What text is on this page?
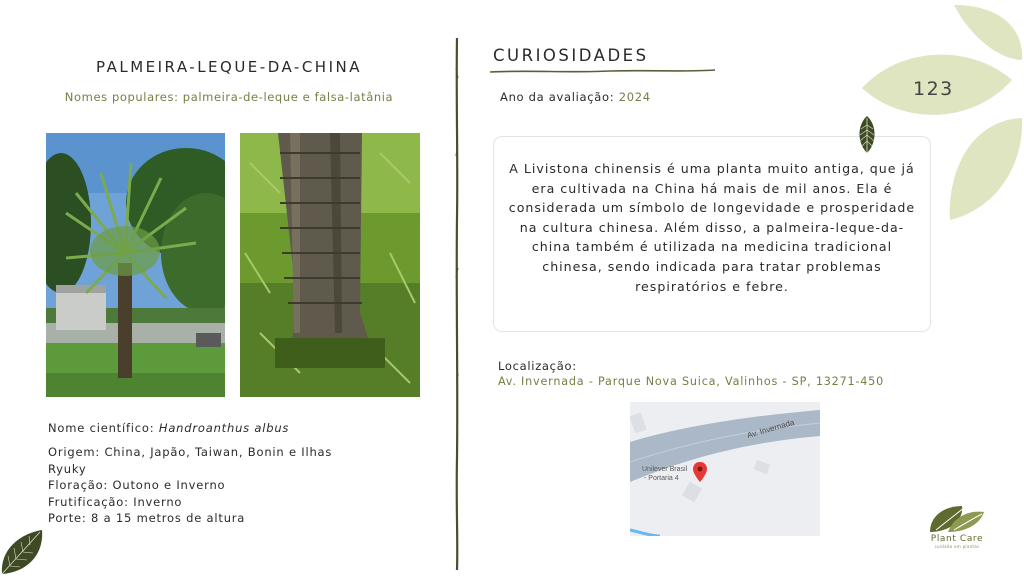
PALMEIRA-LEQUE-DA-CHINA
Nomes populares: palmeira-de-leque e falsa-latânia
Nome científico: Handroanthus albus
Origem: China, Japão, Taiwan, Bonin e Ilhas Ryuky
Floração: Outono e Inverno
Frutificação: Inverno
Porte: 8 a 15 metros de altura
CURIOSIDADES
Ano da avaliação: 2024

A Livistona chinensis é uma planta muito antiga, que já era cultivada na China há mais de mil anos. Ela é considerada um símbolo de longevidade e prosperidade na cultura chinesa. Além disso, a palmeira-leque-da-china também é utilizada na medicina tradicional chinesa, sendo indicada para tratar problemas respiratórios e febre.

Localização:
Av. Invernada - Parque Nova Suica, Valinhos - SP, 13271-450
Av. Invernada
Unilever Brasil
- Portaria 4
123
Plant Care
cuidado em plantas
